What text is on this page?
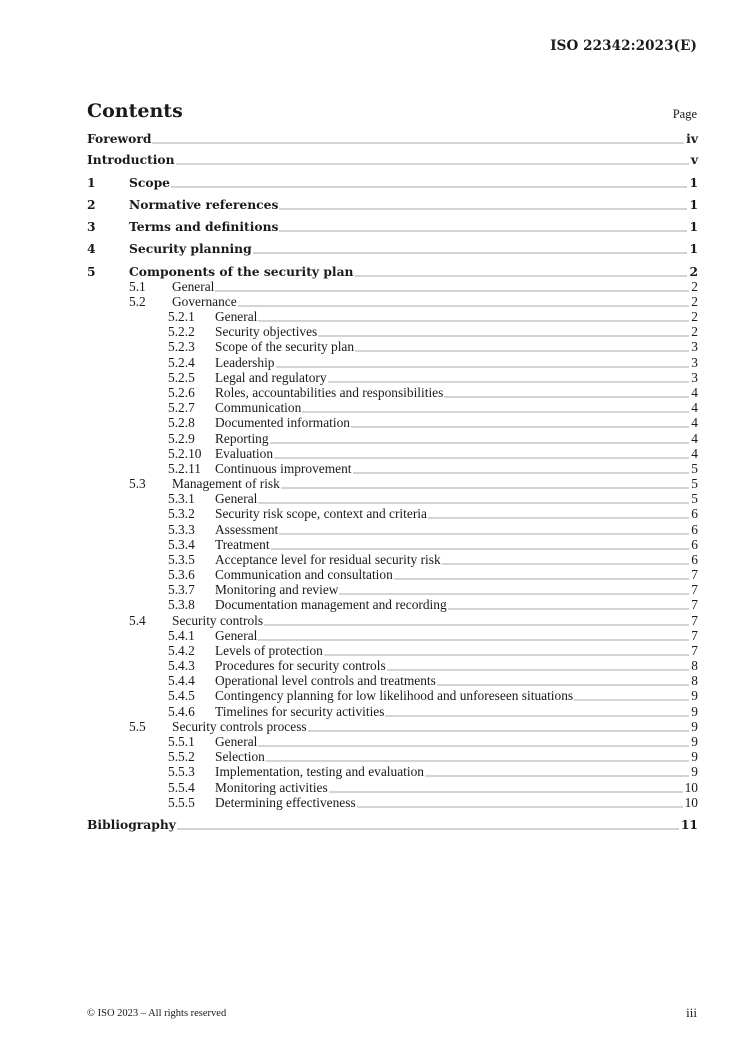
ISO 22342:2023(E)
Contents	Page
Foreword	iv
Introduction	v
1	Scope	1
2	Normative references	1
3	Terms and definitions	1
4	Security planning	1
5	Components of the security plan	2
5.1 General	2
5.2 Governance	2
5.2.1 General	2
5.2.2 Security objectives	2
5.2.3 Scope of the security plan	3
5.2.4 Leadership	3
5.2.5 Legal and regulatory	3
5.2.6 Roles, accountabilities and responsibilities	4
5.2.7 Communication	4
5.2.8 Documented information	4
5.2.9 Reporting	4
5.2.10 Evaluation	4
5.2.11 Continuous improvement	5
5.3 Management of risk	5
5.3.1 General	5
5.3.2 Security risk scope, context and criteria	6
5.3.3 Assessment	6
5.3.4 Treatment	6
5.3.5 Acceptance level for residual security risk	6
5.3.6 Communication and consultation	7
5.3.7 Monitoring and review	7
5.3.8 Documentation management and recording	7
5.4 Security controls	7
5.4.1 General	7
5.4.2 Levels of protection	7
5.4.3 Procedures for security controls	8
5.4.4 Operational level controls and treatments	8
5.4.5 Contingency planning for low likelihood and unforeseen situations	9
5.4.6 Timelines for security activities	9
5.5 Security controls process	9
5.5.1 General	9
5.5.2 Selection	9
5.5.3 Implementation, testing and evaluation	9
5.5.4 Monitoring activities	10
5.5.5 Determining effectiveness	10
Bibliography	11
© ISO 2023 – All rights reserved	iii
